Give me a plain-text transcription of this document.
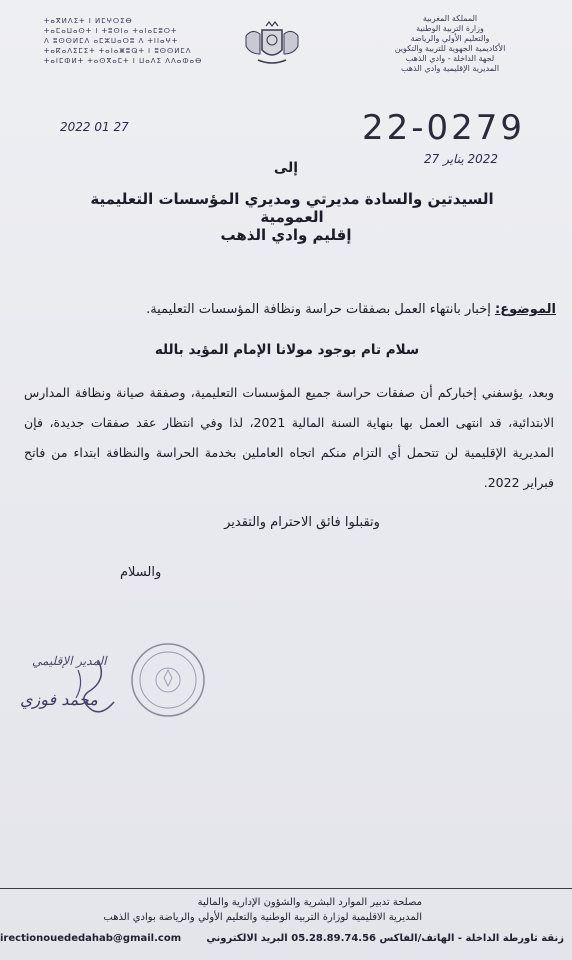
ⵜⴰⴳⵍⴷⵉⵜ ⵏ ⵍⵎⵖⵔⵉⴱ
ⵜⴰⵎⴰⵡⴰⵙⵜ ⵏ ⵜⵓⵙⵏⴰ ⵜⴰⵏⴰⵎⵓⵔⵜ
ⴷ ⵓⵙⵙⵍⵎⴷ ⴰⵎⵣⵡⴰⵔⵓ ⴷ ⵜⵏⵏⴰⵖⵜ
ⵜⴰⴽⴰⴷⵉⵎⵉⵜ ⵜⴰⵏⴰⵥⵓⵕⵜ ⵏ ⵓⵙⵙⵍⵎⴷ
ⵜⴰⵏⵎⵀⵍⵜ ⵜⴰⵙⴳⴰⵎⵜ ⵏ ⵡⴰⴷⵉ ⴷⴷⴰⵀⴰⴱ
المملكة المغربية
وزارة التربية الوطنية
والتعليم الأولي والرياضة
الأكاديمية الجهوية للتربية والتكوين
لجهة الداخلة - وادي الذهب
المديرية الإقليمية وادي الذهب
2022 01 27	22-0279
2022 يناير 27
إلى
السيدتين والسادة مديرتي ومديري المؤسسات التعليمية العمومية
إقليم وادي الذهب
الموضوع: إخبار بانتهاء العمل بصفقات حراسة ونظافة المؤسسات التعليمية.
سلام تام بوجود مولانا الإمام المؤيد بالله
وبعد، يؤسفني إخباركم أن صفقات حراسة جميع المؤسسات التعليمية، وصفقة صيانة ونظافة المدارس الابتدائية، قد انتهى العمل بها بنهاية السنة المالية 2021، لذا وفي انتظار عقد صفقات جديدة، فإن المديرية الإقليمية لن تتحمل أي التزام منكم اتجاه العاملين بخدمة الحراسة والنظافة ابتداء من فاتح فبراير 2022.
وتقبلوا فائق الاحترام والتقدير
والسلام
المدير الإقليمي
محمد فوزي
مصلحة تدبير الموارد البشرية والشؤون الإدارية والمالية
المديرية الاقليمية لوزارة التربية الوطنية والتعليم الأولي والرياضة بوادي الذهب
زنقة تاورطة الداخلة - الهاتف/الفاكس 05.28.89.74.56 البريد الالكتروني
irectionouededahab@gmail.com
